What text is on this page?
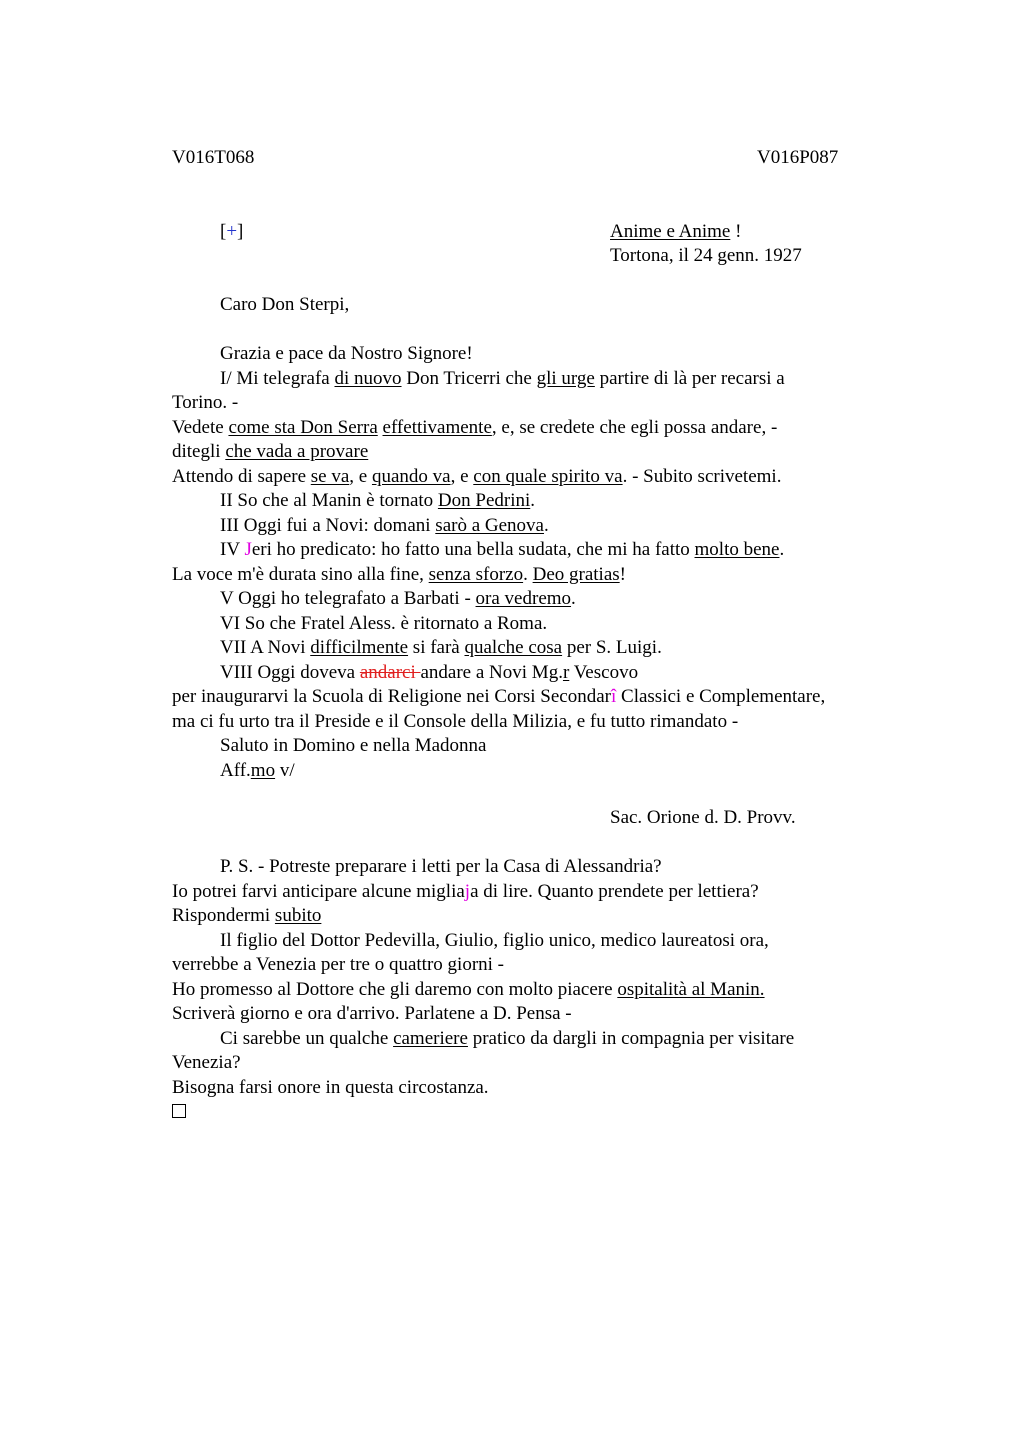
V016T068	V016P087
[+]	Anime e Anime !
Tortona, il 24 genn. 1927
Caro Don Sterpi,
Grazia e pace da Nostro Signore!
I/ Mi telegrafa di nuovo Don Tricerri che gli urge partire di là per recarsi a
Torino. -
Vedete come sta Don Serra effettivamente, e, se credete che egli possa andare, -
ditegli che vada a provare
Attendo di sapere se va, e quando va, e con quale spirito va. - Subito scrivetemi.
II So che al Manin è tornato Don Pedrini.
III Oggi fui a Novi: domani sarò a Genova.
IV Jeri ho predicato: ho fatto una bella sudata, che mi ha fatto molto bene.
La voce m'è durata sino alla fine, senza sforzo. Deo gratias!
V Oggi ho telegrafato a Barbati - ora vedremo.
VI So che Fratel Aless. è ritornato a Roma.
VII A Novi difficilmente si farà qualche cosa per S. Luigi.
VIII Oggi doveva andarci andare a Novi Mg.r Vescovo
per inaugurarvi la Scuola di Religione nei Corsi Secondarî Classici e Complementare,
ma ci fu urto tra il Preside e il Console della Milizia, e fu tutto rimandato -
Saluto in Domino e nella Madonna
Aff.mo v/
Sac. Orione d. D. Provv.
P. S. - Potreste preparare i letti per la Casa di Alessandria?
Io potrei farvi anticipare alcune migliaja di lire. Quanto prendete per lettiera?
Rispondermi subito
Il figlio del Dottor Pedevilla, Giulio, figlio unico, medico laureatosi ora,
verrebbe a Venezia per tre o quattro giorni -
Ho promesso al Dottore che gli daremo con molto piacere ospitalità al Manin.
Scriverà giorno e ora d'arrivo. Parlatene a D. Pensa -
Ci sarebbe un qualche cameriere pratico da dargli in compagnia per visitare
Venezia?
Bisogna farsi onore in questa circostanza.
